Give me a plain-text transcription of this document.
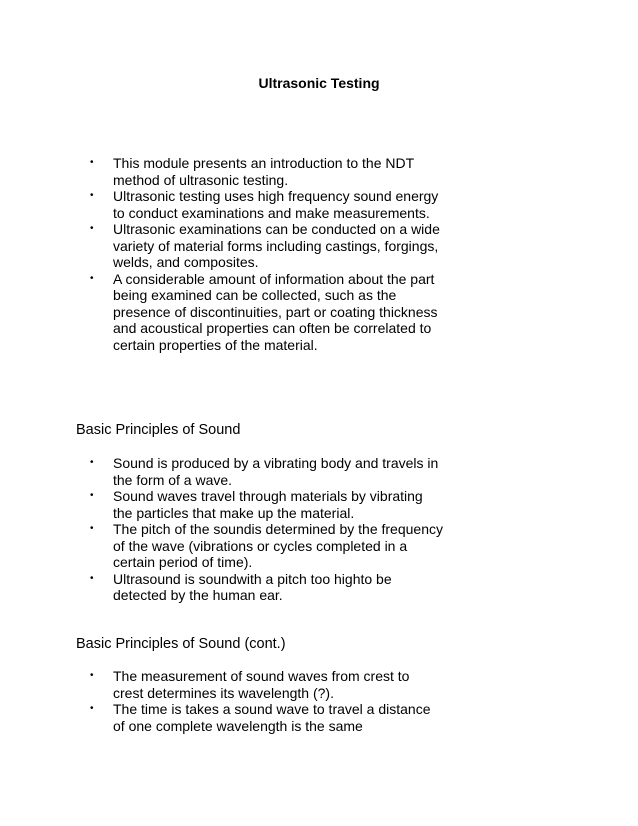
Ultrasonic Testing
• This module presents an introduction to the NDT method of ultrasonic testing.
• Ultrasonic testing uses high frequency sound energy to conduct examinations and make measurements.
• Ultrasonic examinations can be conducted on a wide variety of material forms including castings, forgings, welds, and composites.
• A considerable amount of information about the part being examined can be collected, such as the presence of discontinuities, part or coating thickness and acoustical properties can often be correlated to certain properties of the material.
Basic Principles of Sound
• Sound is produced by a vibrating body and travels in the form of a wave.
• Sound waves travel through materials by vibrating the particles that make up the material.
• The pitch of the soundis determined by the frequency of the wave (vibrations or cycles completed in a certain period of time).
• Ultrasound is soundwith a pitch too highto be detected by the human ear.
Basic Principles of Sound (cont.)
• The measurement of sound waves from crest to crest determines its wavelength (?).
• The time is takes a sound wave to travel a distance of one complete wavelength is the same
